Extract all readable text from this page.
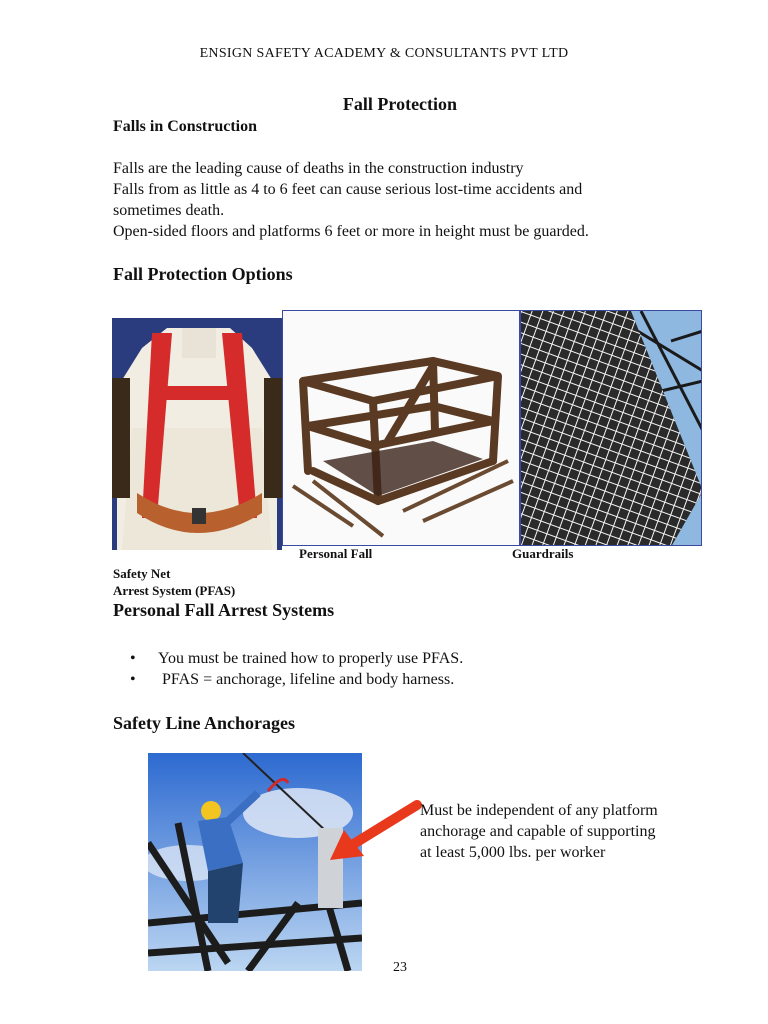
ENSIGN SAFETY ACADEMY & CONSULTANTS PVT LTD
Fall Protection
Falls in Construction
Falls are the leading cause of deaths in the construction industry
Falls from as little as 4 to 6 feet can cause serious lost-time accidents and
sometimes death.
Open-sided floors and platforms 6 feet or more in height must be guarded.
Fall Protection Options
Personal Fall	Guardrails
Safety Net
Arrest System (PFAS)
Personal Fall Arrest Systems
•	You must be trained how to properly use PFAS.
•	PFAS = anchorage, lifeline and body harness.
Safety Line Anchorages
Must be independent of any platform
anchorage and capable of supporting
at least 5,000 lbs. per worker
23
